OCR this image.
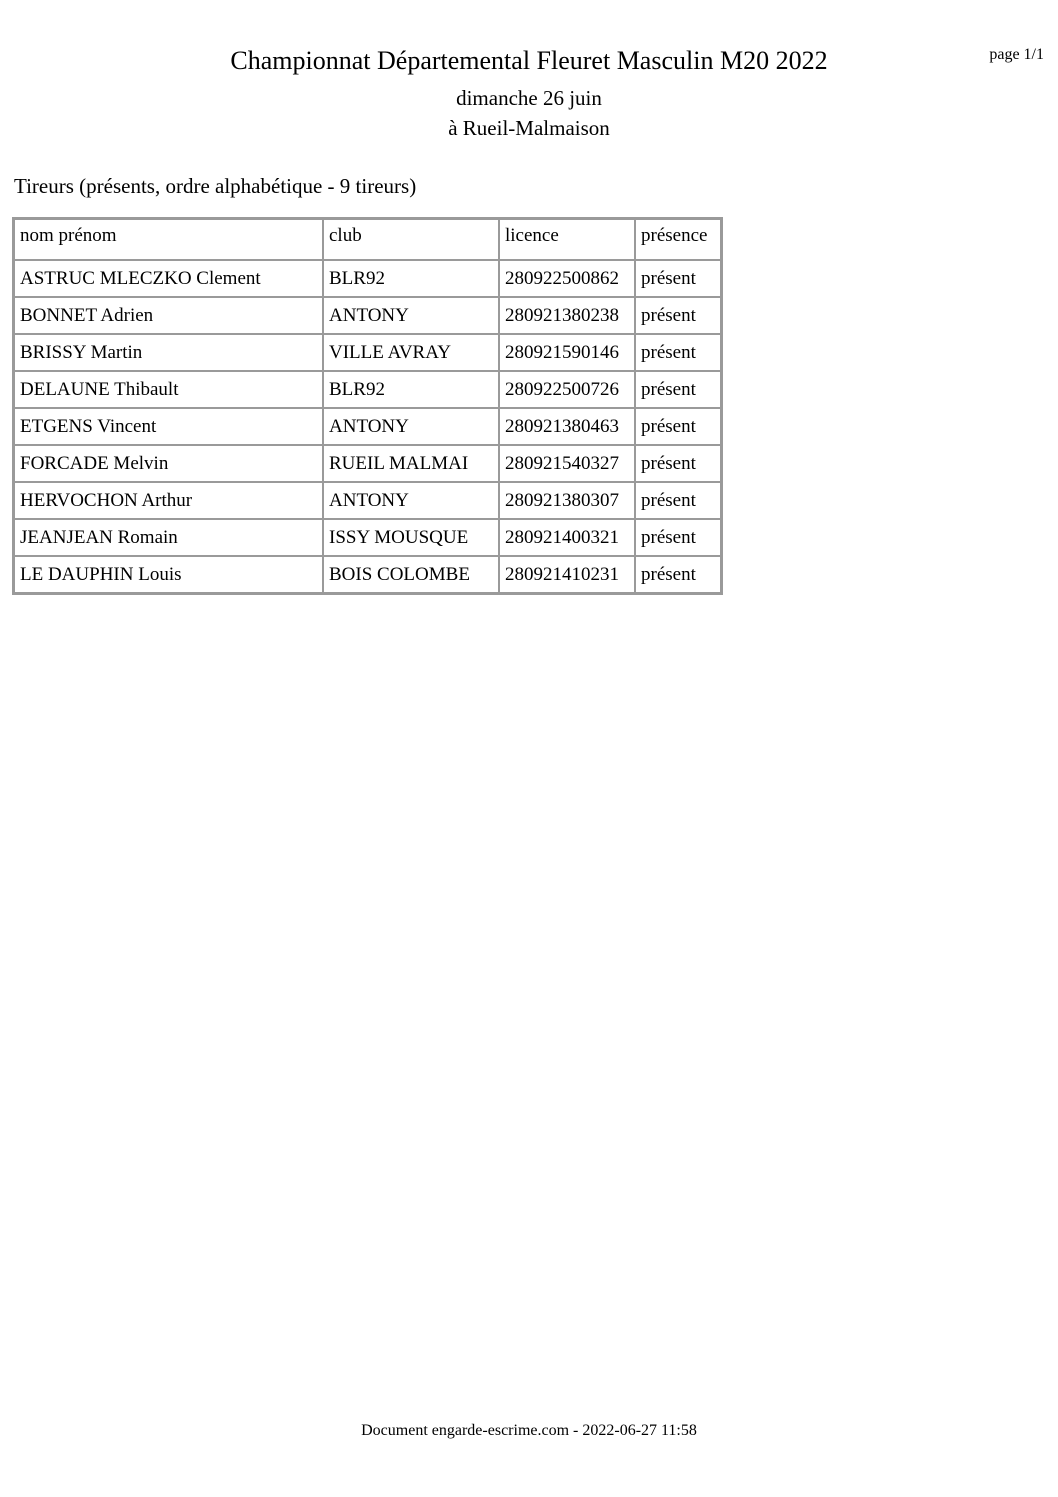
page 1/1
Championnat Départemental Fleuret Masculin M20 2022
dimanche 26 juin
à Rueil-Malmaison
Tireurs (présents, ordre alphabétique - 9 tireurs)
nom prénom	club	licence	présence
ASTRUC MLECZKO Clement	BLR92	280922500862	présent
BONNET Adrien	ANTONY	280921380238	présent
BRISSY Martin	VILLE AVRAY	280921590146	présent
DELAUNE Thibault	BLR92	280922500726	présent
ETGENS Vincent	ANTONY	280921380463	présent
FORCADE Melvin	RUEIL MALMAI	280921540327	présent
HERVOCHON Arthur	ANTONY	280921380307	présent
JEANJEAN Romain	ISSY MOUSQUE	280921400321	présent
LE DAUPHIN Louis	BOIS COLOMBE	280921410231	présent
Document engarde-escrime.com - 2022-06-27 11:58
